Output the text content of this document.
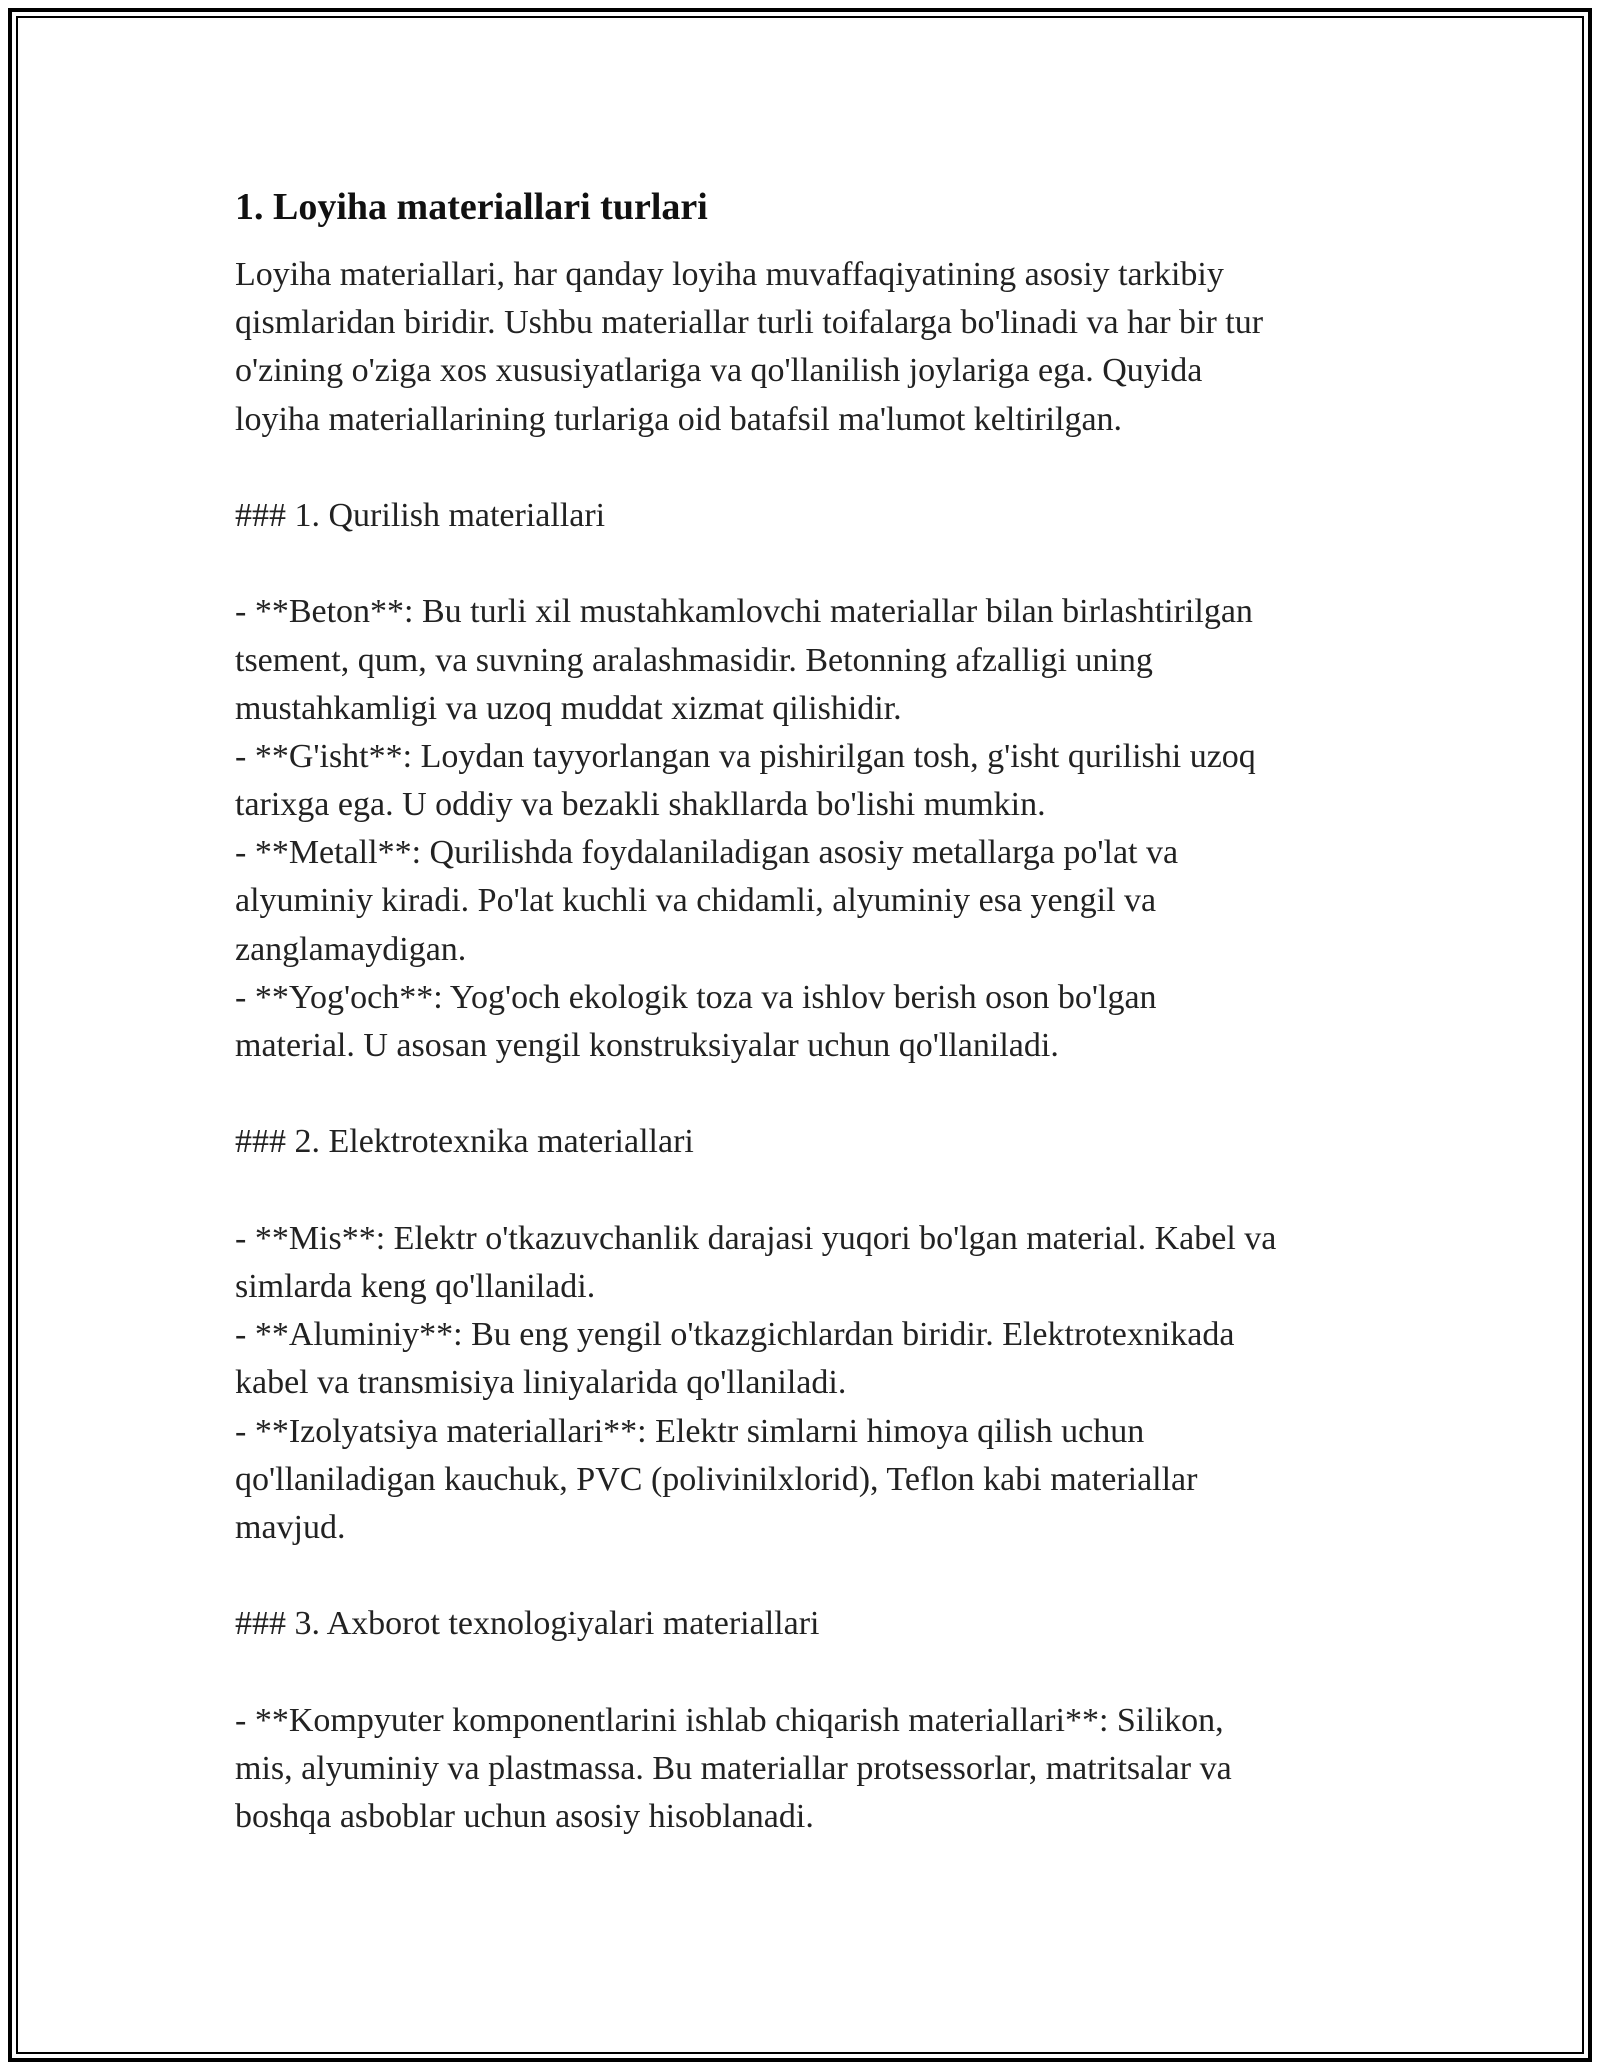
1. Loyiha materiallari turlari
Loyiha materiallari, har qanday loyiha muvaffaqiyatining asosiy tarkibiy
qismlaridan biridir. Ushbu materiallar turli toifalarga bo'linadi va har bir tur
o'zining o'ziga xos xususiyatlariga va qo'llanilish joylariga ega. Quyida
loyiha materiallarining turlariga oid batafsil ma'lumot keltirilgan.
### 1. Qurilish materiallari
- **Beton**: Bu turli xil mustahkamlovchi materiallar bilan birlashtirilgan
tsement, qum, va suvning aralashmasidir. Betonning afzalligi uning
mustahkamligi va uzoq muddat xizmat qilishidir.
- **G'isht**: Loydan tayyorlangan va pishirilgan tosh, g'isht qurilishi uzoq
tarixga ega. U oddiy va bezakli shakllarda bo'lishi mumkin.
- **Metall**: Qurilishda foydalaniladigan asosiy metallarga po'lat va
alyuminiy kiradi. Po'lat kuchli va chidamli, alyuminiy esa yengil va
zanglamaydigan.
- **Yog'och**: Yog'och ekologik toza va ishlov berish oson bo'lgan
material. U asosan yengil konstruksiyalar uchun qo'llaniladi.
### 2. Elektrotexnika materiallari
- **Mis**: Elektr o'tkazuvchanlik darajasi yuqori bo'lgan material. Kabel va
simlarda keng qo'llaniladi.
- **Aluminiy**: Bu eng yengil o'tkazgichlardan biridir. Elektrotexnikada
kabel va transmisiya liniyalarida qo'llaniladi.
- **Izolyatsiya materiallari**: Elektr simlarni himoya qilish uchun
qo'llaniladigan kauchuk, PVC (polivinilxlorid), Teflon kabi materiallar
mavjud.
### 3. Axborot texnologiyalari materiallari
- **Kompyuter komponentlarini ishlab chiqarish materiallari**: Silikon,
mis, alyuminiy va plastmassa. Bu materiallar protsessorlar, matritsalar va
boshqa asboblar uchun asosiy hisoblanadi.
